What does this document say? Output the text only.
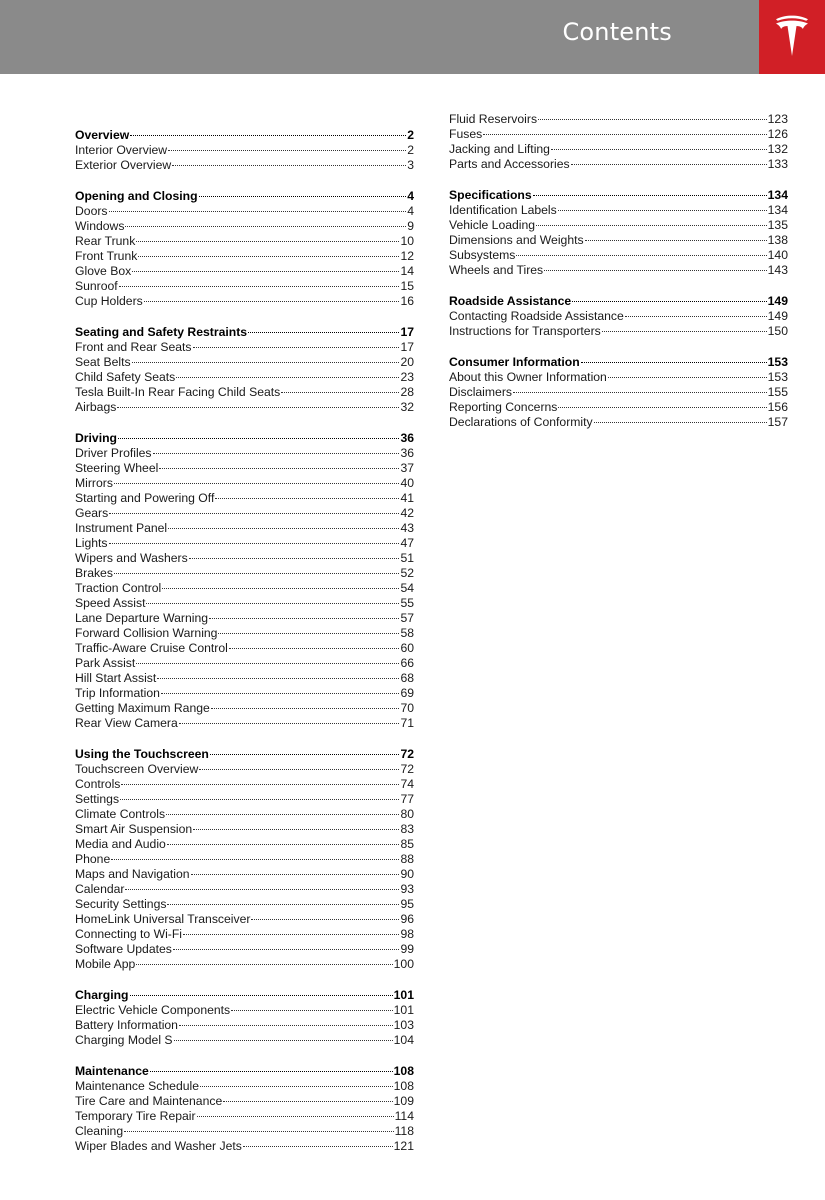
Contents
Overview	2
Interior Overview	2
Exterior Overview	3
Opening and Closing	4
Doors	4
Windows	9
Rear Trunk	10
Front Trunk	12
Glove Box	14
Sunroof	15
Cup Holders	16
Seating and Safety Restraints	17
Front and Rear Seats	17
Seat Belts	20
Child Safety Seats	23
Tesla Built-In Rear Facing Child Seats	28
Airbags	32
Driving	36
Driver Profiles	36
Steering Wheel	37
Mirrors	40
Starting and Powering Off	41
Gears	42
Instrument Panel	43
Lights	47
Wipers and Washers	51
Brakes	52
Traction Control	54
Speed Assist	55
Lane Departure Warning	57
Forward Collision Warning	58
Traffic-Aware Cruise Control	60
Park Assist	66
Hill Start Assist	68
Trip Information	69
Getting Maximum Range	70
Rear View Camera	71
Using the Touchscreen	72
Touchscreen Overview	72
Controls	74
Settings	77
Climate Controls	80
Smart Air Suspension	83
Media and Audio	85
Phone	88
Maps and Navigation	90
Calendar	93
Security Settings	95
HomeLink Universal Transceiver	96
Connecting to Wi-Fi	98
Software Updates	99
Mobile App	100
Charging	101
Electric Vehicle Components	101
Battery Information	103
Charging Model S	104
Maintenance	108
Maintenance Schedule	108
Tire Care and Maintenance	109
Temporary Tire Repair	114
Cleaning	118
Wiper Blades and Washer Jets	121
Fluid Reservoirs	123
Fuses	126
Jacking and Lifting	132
Parts and Accessories	133
Specifications	134
Identification Labels	134
Vehicle Loading	135
Dimensions and Weights	138
Subsystems	140
Wheels and Tires	143
Roadside Assistance	149
Contacting Roadside Assistance	149
Instructions for Transporters	150
Consumer Information	153
About this Owner Information	153
Disclaimers	155
Reporting Concerns	156
Declarations of Conformity	157
